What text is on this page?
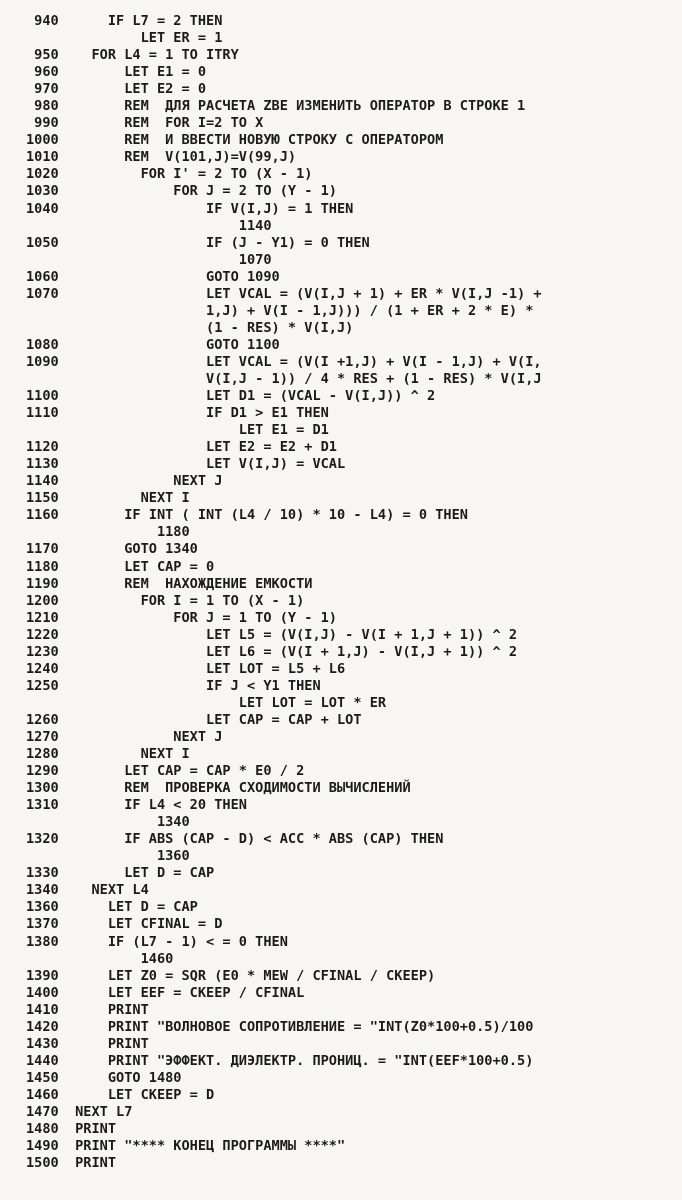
940      IF L7 = 2 THEN
LET ER = 1
950    FOR L4 = 1 TO ITRY
960        LET E1 = 0
970        LET E2 = 0
980        REM  ДЛЯ РАСЧЕТА ZBE ИЗМЕНИТЬ ОПЕРАТОР В СТРОКЕ 1
990        REM  FOR I=2 TO X
1000        REM  И ВВЕСТИ НОВУЮ СТРОКУ С ОПЕРАТОРОМ
1010        REM  V(101,J)=V(99,J)
1020          FOR I' = 2 TO (X - 1)
1030              FOR J = 2 TO (Y - 1)
1040                  IF V(I,J) = 1 THEN
1140
1050                  IF (J - Y1) = 0 THEN
1070
1060                  GOTO 1090
1070                  LET VCAL = (V(I,J + 1) + ER * V(I,J -1) +
1,J) + V(I - 1,J))) / (1 + ER + 2 * E) *
(1 - RES) * V(I,J)
1080                  GOTO 1100
1090                  LET VCAL = (V(I +1,J) + V(I - 1,J) + V(I,
V(I,J - 1)) / 4 * RES + (1 - RES) * V(I,J
1100                  LET D1 = (VCAL - V(I,J)) ^ 2
1110                  IF D1 > E1 THEN
LET E1 = D1
1120                  LET E2 = E2 + D1
1130                  LET V(I,J) = VCAL
1140              NEXT J
1150          NEXT I
1160        IF INT ( INT (L4 / 10) * 10 - L4) = 0 THEN
1180
1170        GOTO 1340
1180        LET CAP = 0
1190        REM  НАХОЖДЕНИЕ ЕМКОСТИ
1200          FOR I = 1 TO (X - 1)
1210              FOR J = 1 TO (Y - 1)
1220                  LET L5 = (V(I,J) - V(I + 1,J + 1)) ^ 2
1230                  LET L6 = (V(I + 1,J) - V(I,J + 1)) ^ 2
1240                  LET LOT = L5 + L6
1250                  IF J < Y1 THEN
LET LOT = LOT * ER
1260                  LET CAP = CAP + LOT
1270              NEXT J
1280          NEXT I
1290        LET CAP = CAP * E0 / 2
1300        REM  ПРОВЕРКА СХОДИМОСТИ ВЫЧИСЛЕНИЙ
1310        IF L4 < 20 THEN
1340
1320        IF ABS (CAP - D) < ACC * ABS (CAP) THEN
1360
1330        LET D = CAP
1340    NEXT L4
1360      LET D = CAP
1370      LET CFINAL = D
1380      IF (L7 - 1) < = 0 THEN
1460
1390      LET Z0 = SQR (E0 * MEW / CFINAL / CKEEP)
1400      LET EEF = CKEEP / CFINAL
1410      PRINT
1420      PRINT "ВОЛНОВОЕ СОПРОТИВЛЕНИЕ = "INT(Z0*100+0.5)/100
1430      PRINT
1440      PRINT "ЭФФЕКТ. ДИЭЛЕКТР. ПРОНИЦ. = "INT(EEF*100+0.5)
1450      GOTO 1480
1460      LET CKEEP = D
1470  NEXT L7
1480  PRINT
1490  PRINT "**** КОНЕЦ ПРОГРАММЫ ****"
1500  PRINT
